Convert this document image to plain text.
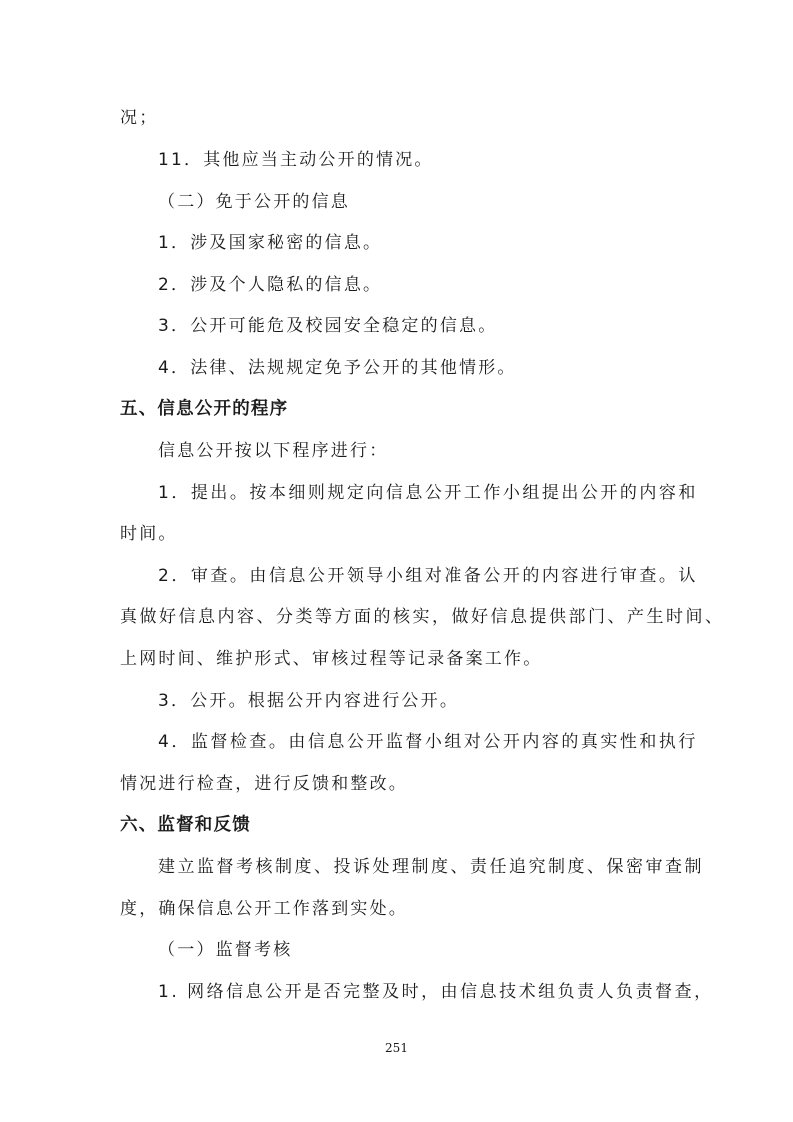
况；
11．其他应当主动公开的情况。
（二）免于公开的信息
1．涉及国家秘密的信息。
2．涉及个人隐私的信息。
3．公开可能危及校园安全稳定的信息。
4．法律、法规规定免予公开的其他情形。
五、信息公开的程序
信息公开按以下程序进行：
1．提出。按本细则规定向信息公开工作小组提出公开的内容和
时间。
2．审查。由信息公开领导小组对准备公开的内容进行审查。认
真做好信息内容、分类等方面的核实，做好信息提供部门、产生时间、
上网时间、维护形式、审核过程等记录备案工作。
3．公开。根据公开内容进行公开。
4．监督检查。由信息公开监督小组对公开内容的真实性和执行
情况进行检查，进行反馈和整改。
六、监督和反馈
建立监督考核制度、投诉处理制度、责任追究制度、保密审查制
度，确保信息公开工作落到实处。
（一）监督考核
1. 网络信息公开是否完整及时，由信息技术组负责人负责督查，
251
